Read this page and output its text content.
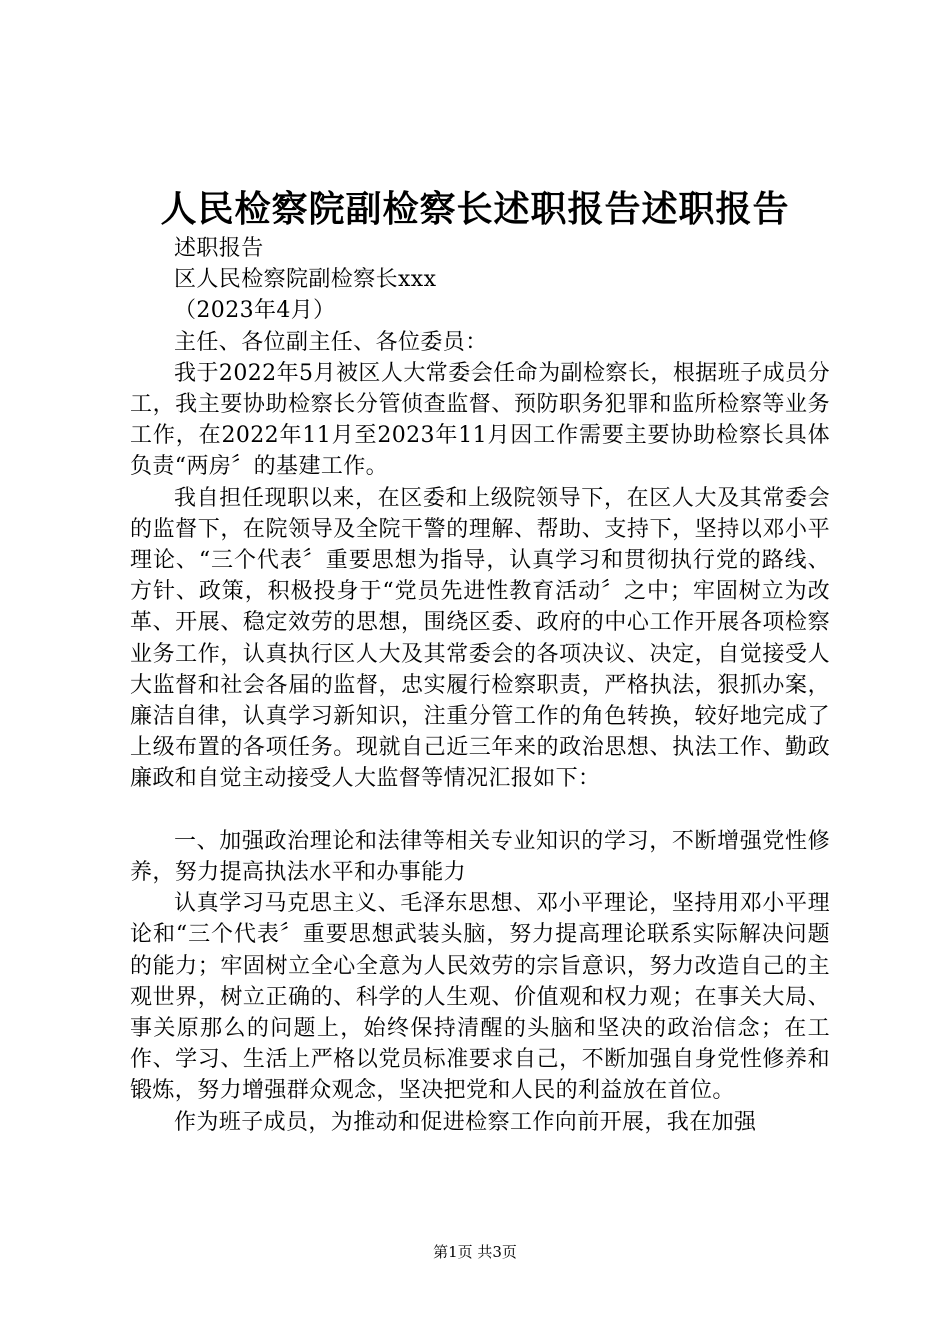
人民检察院副检察长述职报告述职报告

述职报告

区人民检察院副检察长xxx

（2023年4月）

主任、各位副主任、各位委员：

我于2022年5月被区人大常委会任命为副检察长，根据班子成员分工，我主要协助检察长分管侦查监督、预防职务犯罪和监所检察等业务工作，在2022年11月至2023年11月因工作需要主要协助检察长具体负责“两房〞的基建工作。

我自担任现职以来，在区委和上级院领导下，在区人大及其常委会的监督下，在院领导及全院干警的理解、帮助、支持下，坚持以邓小平理论、“三个代表〞重要思想为指导，认真学习和贯彻执行党的路线、方针、政策，积极投身于“党员先进性教育活动〞之中；牢固树立为改革、开展、稳定效劳的思想，围绕区委、政府的中心工作开展各项检察业务工作，认真执行区人大及其常委会的各项决议、决定，自觉接受人大监督和社会各届的监督，忠实履行检察职责，严格执法，狠抓办案，廉洁自律，认真学习新知识，注重分管工作的角色转换，较好地完成了上级布置的各项任务。现就自己近三年来的政治思想、执法工作、勤政廉政和自觉主动接受人大监督等情况汇报如下：

一、加强政治理论和法律等相关专业知识的学习，不断增强党性修养，努力提高执法水平和办事能力

认真学习马克思主义、毛泽东思想、邓小平理论，坚持用邓小平理论和“三个代表〞重要思想武装头脑，努力提高理论联系实际解决问题的能力；牢固树立全心全意为人民效劳的宗旨意识，努力改造自己的主观世界，树立正确的、科学的人生观、价值观和权力观；在事关大局、事关原那么的问题上，始终保持清醒的头脑和坚决的政治信念；在工作、学习、生活上严格以党员标准要求自己，不断加强自身党性修养和锻炼，努力增强群众观念，坚决把党和人民的利益放在首位。

作为班子成员，为推动和促进检察工作向前开展，我在加强

第1页 共3页
